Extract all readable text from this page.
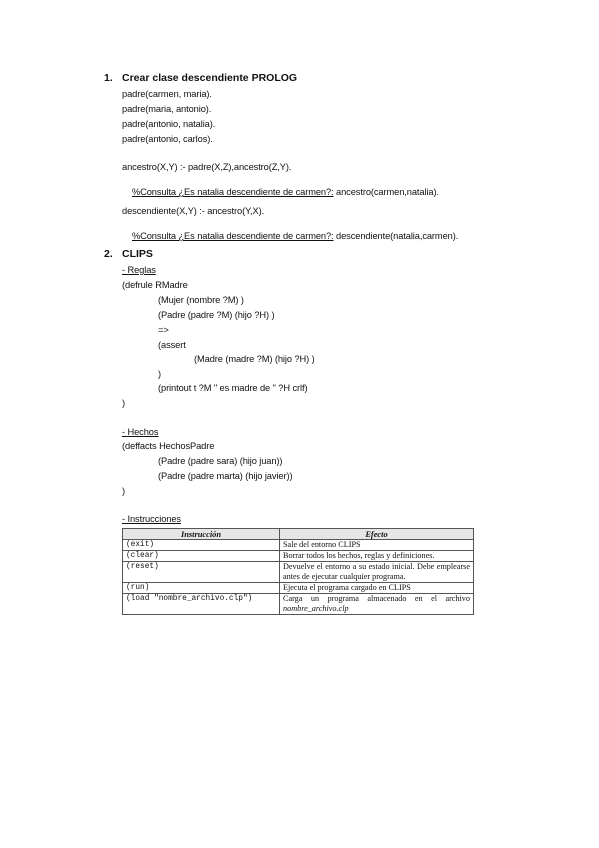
1. Crear clase descendiente PROLOG
padre(carmen, maria).
padre(maria, antonio).
padre(antonio, natalia).
padre(antonio, carlos).
ancestro(X,Y) :- padre(X,Z),ancestro(Z,Y).

%Consulta ¿Es natalia descendiente de carmen?: ancestro(carmen,natalia).

descendiente(X,Y) :- ancestro(Y,X).

%Consulta ¿Es natalia descendiente de carmen?: descendiente(natalia,carmen).

2. CLIPS
- Reglas
(defrule RMadre
(Mujer (nombre ?M) )
(Padre (padre ?M) (hijo ?H) )
=>
(assert
(Madre (madre ?M) (hijo ?H) )
)
(printout t ?M " es madre de " ?H crlf)
)
- Hechos
(deffacts HechosPadre
(Padre (padre sara) (hijo juan))
(Padre (padre marta) (hijo javier))
)
- Instrucciones
Instrucción	Efecto
(exit)	Sale del entorno CLIPS
(clear)	Borrar todos los hechos, reglas y definiciones.
(reset)	Devuelve el entorno a su estado inicial. Debe emplearse antes de ejecutar cualquier programa.
(run)	Ejecuta el programa cargado en CLIPS
(load "nombre_archivo.clp")	Carga un programa almacenado en el archivo nombre_archivo.clp
